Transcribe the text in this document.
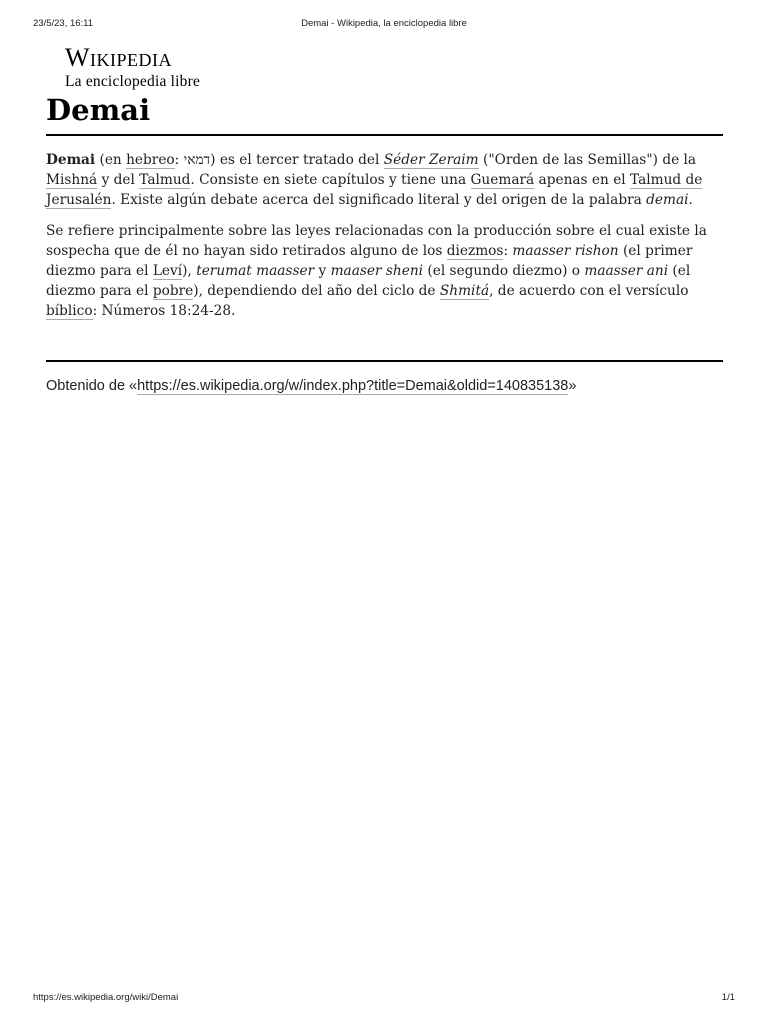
23/5/23, 16:11	Demai - Wikipedia, la enciclopedia libre
Wikipedia
La enciclopedia libre
Demai

Demai (en hebreo: דמאי) es el tercer tratado del Séder Zeraim ("Orden de las Semillas") de la Mishná y del Talmud. Consiste en siete capítulos y tiene una Guemará apenas en el Talmud de Jerusalén. Existe algún debate acerca del significado literal y del origen de la palabra demai.

Se refiere principalmente sobre las leyes relacionadas con la producción sobre el cual existe la sospecha que de él no hayan sido retirados alguno de los diezmos: maasser rishon (el primer diezmo para el Leví), terumat maasser y maaser sheni (el segundo diezmo) o maasser ani (el diezmo para el pobre), dependiendo del año del ciclo de Shmitá, de acuerdo con el versículo bíblico: Números 18:24-28.

Obtenido de «https://es.wikipedia.org/w/index.php?title=Demai&oldid=140835138»
https://es.wikipedia.org/wiki/Demai	1/1
